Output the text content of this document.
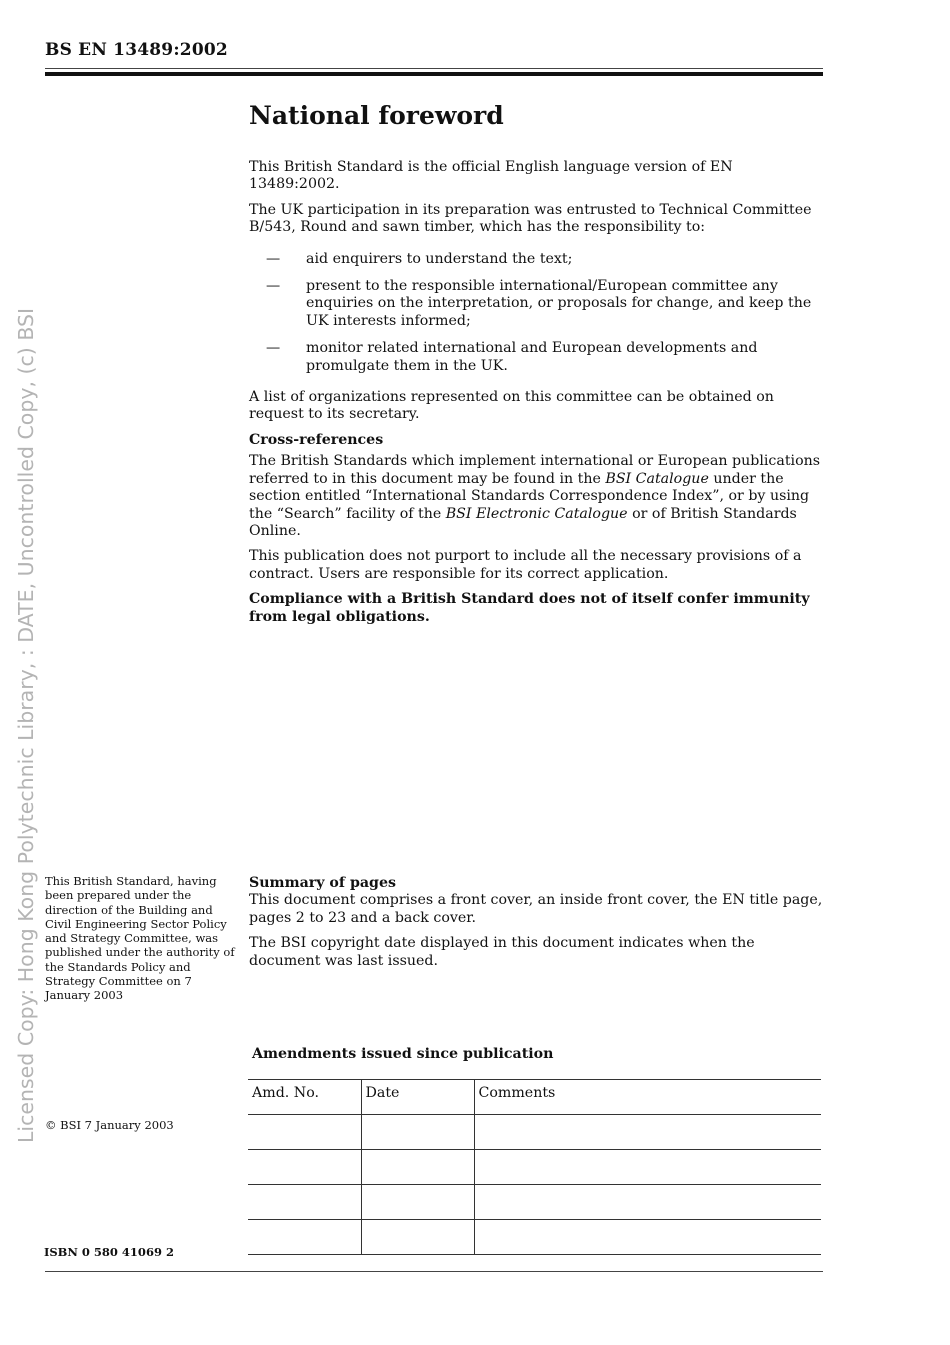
BS EN 13489:2002
Licensed Copy: Hong Kong Polytechnic Library, : DATE, Uncontrolled Copy, (c) BSI
National foreword

This British Standard is the official English language version of EN 13489:2002.

The UK participation in its preparation was entrusted to Technical Committee B/543, Round and sawn timber, which has the responsibility to:

—	aid enquirers to understand the text;
—	present to the responsible international/European committee any enquiries on the interpretation, or proposals for change, and keep the UK interests informed;
—	monitor related international and European developments and promulgate them in the UK.

A list of organizations represented on this committee can be obtained on request to its secretary.

Cross-references

The British Standards which implement international or European publications referred to in this document may be found in the BSI Catalogue under the section entitled “International Standards Correspondence Index”, or by using the “Search” facility of the BSI Electronic Catalogue or of British Standards Online.

This publication does not purport to include all the necessary provisions of a contract. Users are responsible for its correct application.

Compliance with a British Standard does not of itself confer immunity from legal obligations.

This British Standard, having been prepared under the direction of the Building and Civil Engineering Sector Policy and Strategy Committee, was published under the authority of the Standards Policy and Strategy Committee on 7 January 2003
Summary of pages

This document comprises a front cover, an inside front cover, the EN title page, pages 2 to 23 and a back cover.

The BSI copyright date displayed in this document indicates when the document was last issued.

Amendments issued since publication
Amd. No.	Date	Comments

© BSI 7 January 2003
ISBN 0 580 41069 2
